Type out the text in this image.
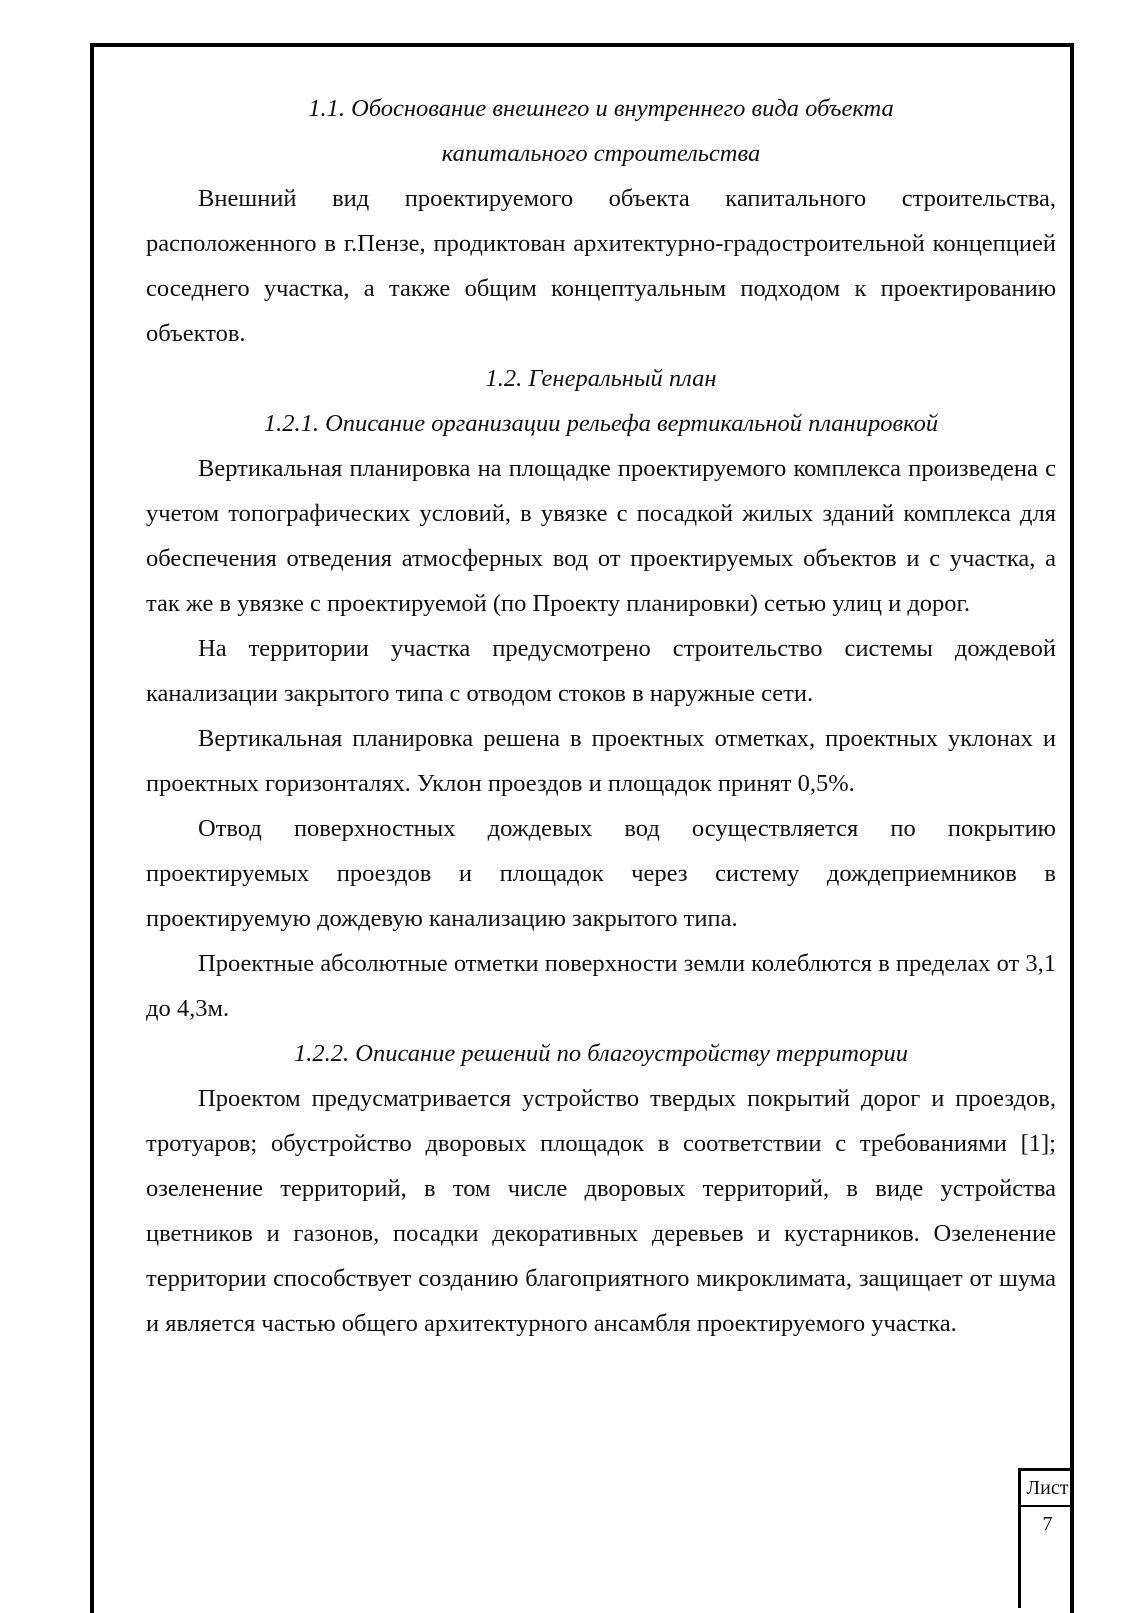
1.1. Обоснование внешнего и внутреннего вида объекта
капитального строительства

Внешний вид проектируемого объекта капитального строительства, расположенного в г.Пензе, продиктован архитектурно-градостроительной концепцией соседнего участка, а также общим концептуальным подходом к проектированию объектов.

1.2. Генеральный план
1.2.1. Описание организации рельефа вертикальной планировкой

Вертикальная планировка на площадке проектируемого комплекса произведена с учетом топографических условий, в увязке с посадкой жилых зданий комплекса для обеспечения отведения атмосферных вод от проектируемых объектов и с участка, а так же в увязке с проектируемой (по Проекту планировки) сетью улиц и дорог.

На территории участка предусмотрено строительство системы дождевой канализации закрытого типа с отводом стоков в наружные сети.

Вертикальная планировка решена в проектных отметках, проектных уклонах и проектных горизонталях. Уклон проездов и площадок принят 0,5%.

Отвод поверхностных дождевых вод осуществляется по покрытию проектируемых проездов и площадок через систему дождеприемников в проектируемую дождевую канализацию закрытого типа.

Проектные абсолютные отметки поверхности земли колеблются в пределах от 3,1 до 4,3м.

1.2.2. Описание решений по благоустройству территории

Проектом предусматривается устройство твердых покрытий дорог и проездов, тротуаров; обустройство дворовых площадок в соответствии с требованиями [1]; озеленение территорий, в том числе дворовых территорий, в виде устройства цветников и газонов, посадки декоративных деревьев и кустарников. Озеленение территории способствует созданию благоприятного микроклимата, защищает от шума и является частью общего архитектурного ансамбля проектируемого участка.

Лист
7
